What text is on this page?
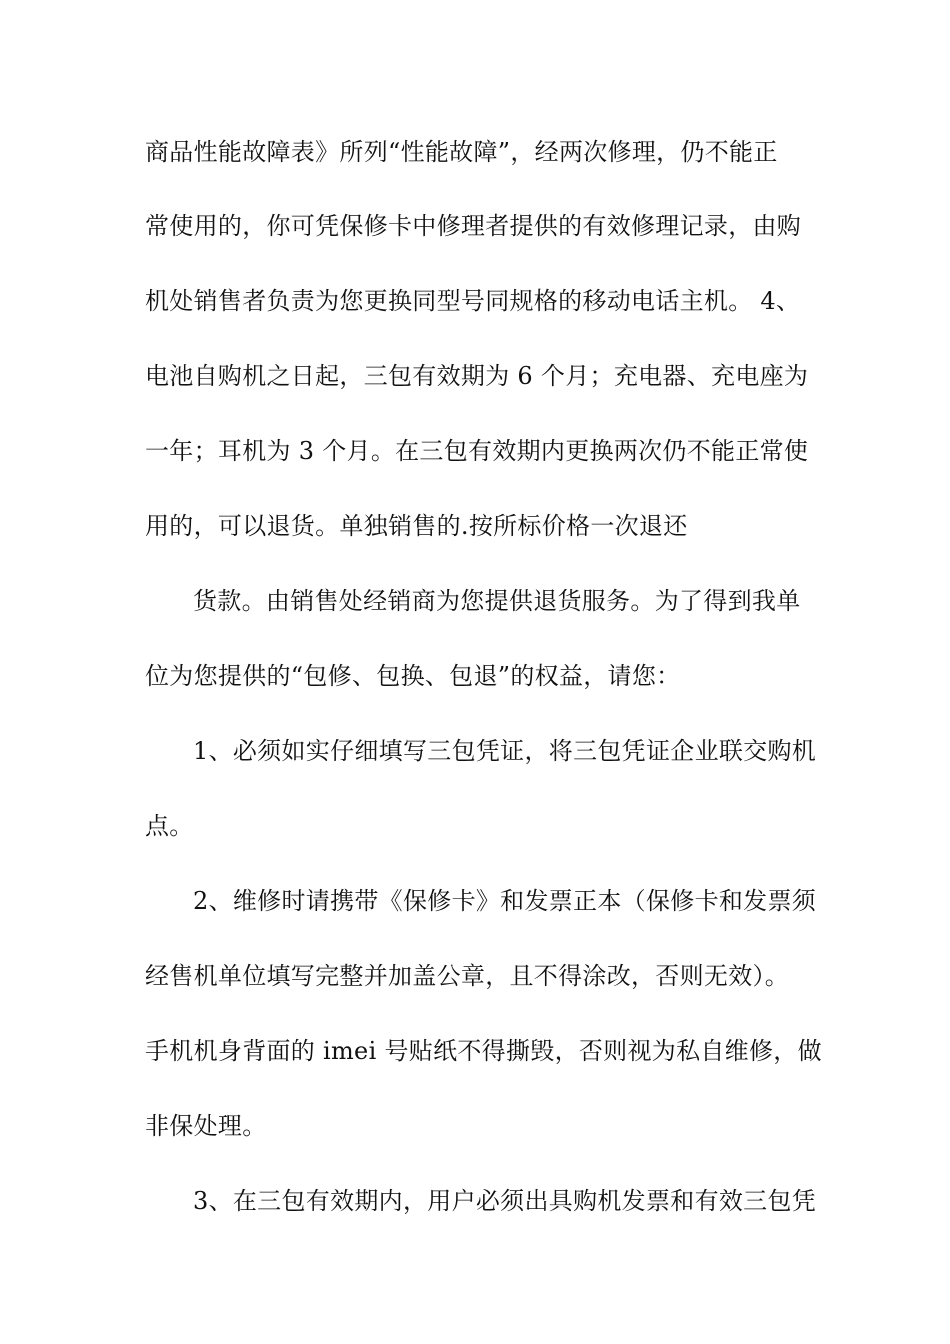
商品性能故障表》所列“性能故障”，经两次修理，仍不能正
常使用的，你可凭保修卡中修理者提供的有效修理记录，由购
机处销售者负责为您更换同型号同规格的移动电话主机。 4、
电池自购机之日起，三包有效期为 6 个月；充电器、充电座为
一年；耳机为 3 个月。在三包有效期内更换两次仍不能正常使
用的，可以退货。单独销售的.按所标价格一次退还
货款。由销售处经销商为您提供退货服务。为了得到我单
位为您提供的“包修、包换、包退”的权益，请您：
1、必须如实仔细填写三包凭证，将三包凭证企业联交购机
点。
2、维修时请携带《保修卡》和发票正本（保修卡和发票须
经售机单位填写完整并加盖公章，且不得涂改，否则无效）。
手机机身背面的 imei 号贴纸不得撕毁，否则视为私自维修，做
非保处理。
3、在三包有效期内，用户必须出具购机发票和有效三包凭
